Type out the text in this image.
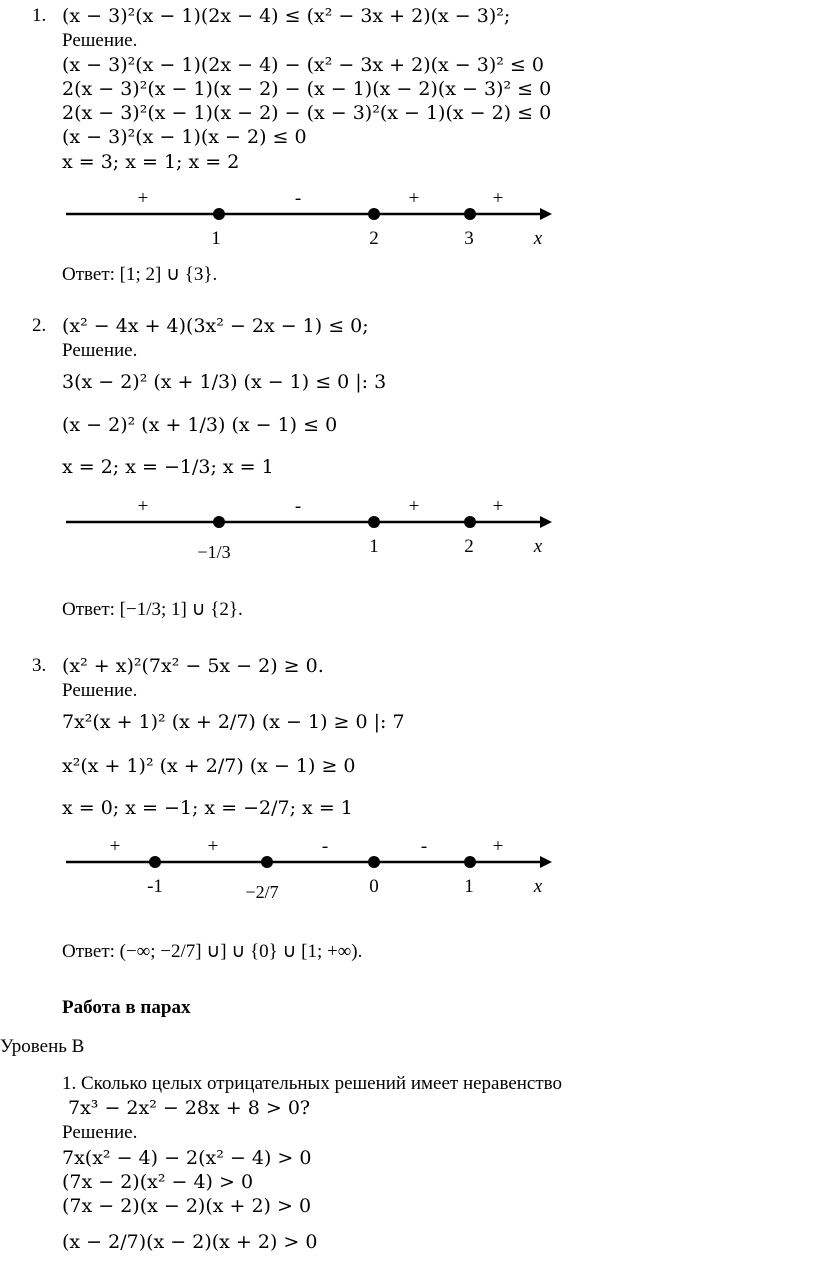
1. (x − 3)²(x − 1)(2x − 4) ≤ (x² − 3x + 2)(x − 3)²;
Решение.
(x − 3)²(x − 1)(2x − 4) − (x² − 3x + 2)(x − 3)² ≤ 0
2(x − 3)²(x − 1)(x − 2) − (x − 1)(x − 2)(x − 3)² ≤ 0
2(x − 3)²(x − 1)(x − 2) − (x − 3)²(x − 1)(x − 2) ≤ 0
(x − 3)²(x − 1)(x − 2) ≤ 0
x = 3; x = 1; x = 2
+	-	+	+
1	2	3	x
Ответ: [1; 2] ∪ {3}.
2. (x² − 4x + 4)(3x² − 2x − 1) ≤ 0;
Решение.
3(x − 2)² (x + 1/3) (x − 1) ≤ 0 |: 3
(x − 2)² (x + 1/3) (x − 1) ≤ 0
x = 2; x = −1/3; x = 1
+	-	+	+
−1/3	1	2	x
Ответ: [−1/3; 1] ∪ {2}.
3. (x² + x)²(7x² − 5x − 2) ≥ 0.
Решение.
7x²(x + 1)² (x + 2/7) (x − 1) ≥ 0 |: 7
x²(x + 1)² (x + 2/7) (x − 1) ≥ 0
x = 0; x = −1; x = −2/7; x = 1
+	+	-	-	+
-1	−2/7	0	1	x
Ответ: (−∞; −2/7] ∪] ∪ {0} ∪ [1; +∞).
Работа в парах
Уровень В
1. Сколько целых отрицательных решений имеет неравенство
7x³ − 2x² − 28x + 8 > 0?
Решение.
7x(x² − 4) − 2(x² − 4) > 0
(7x − 2)(x² − 4) > 0
(7x − 2)(x − 2)(x + 2) > 0
(x − 2/7)(x − 2)(x + 2) > 0
